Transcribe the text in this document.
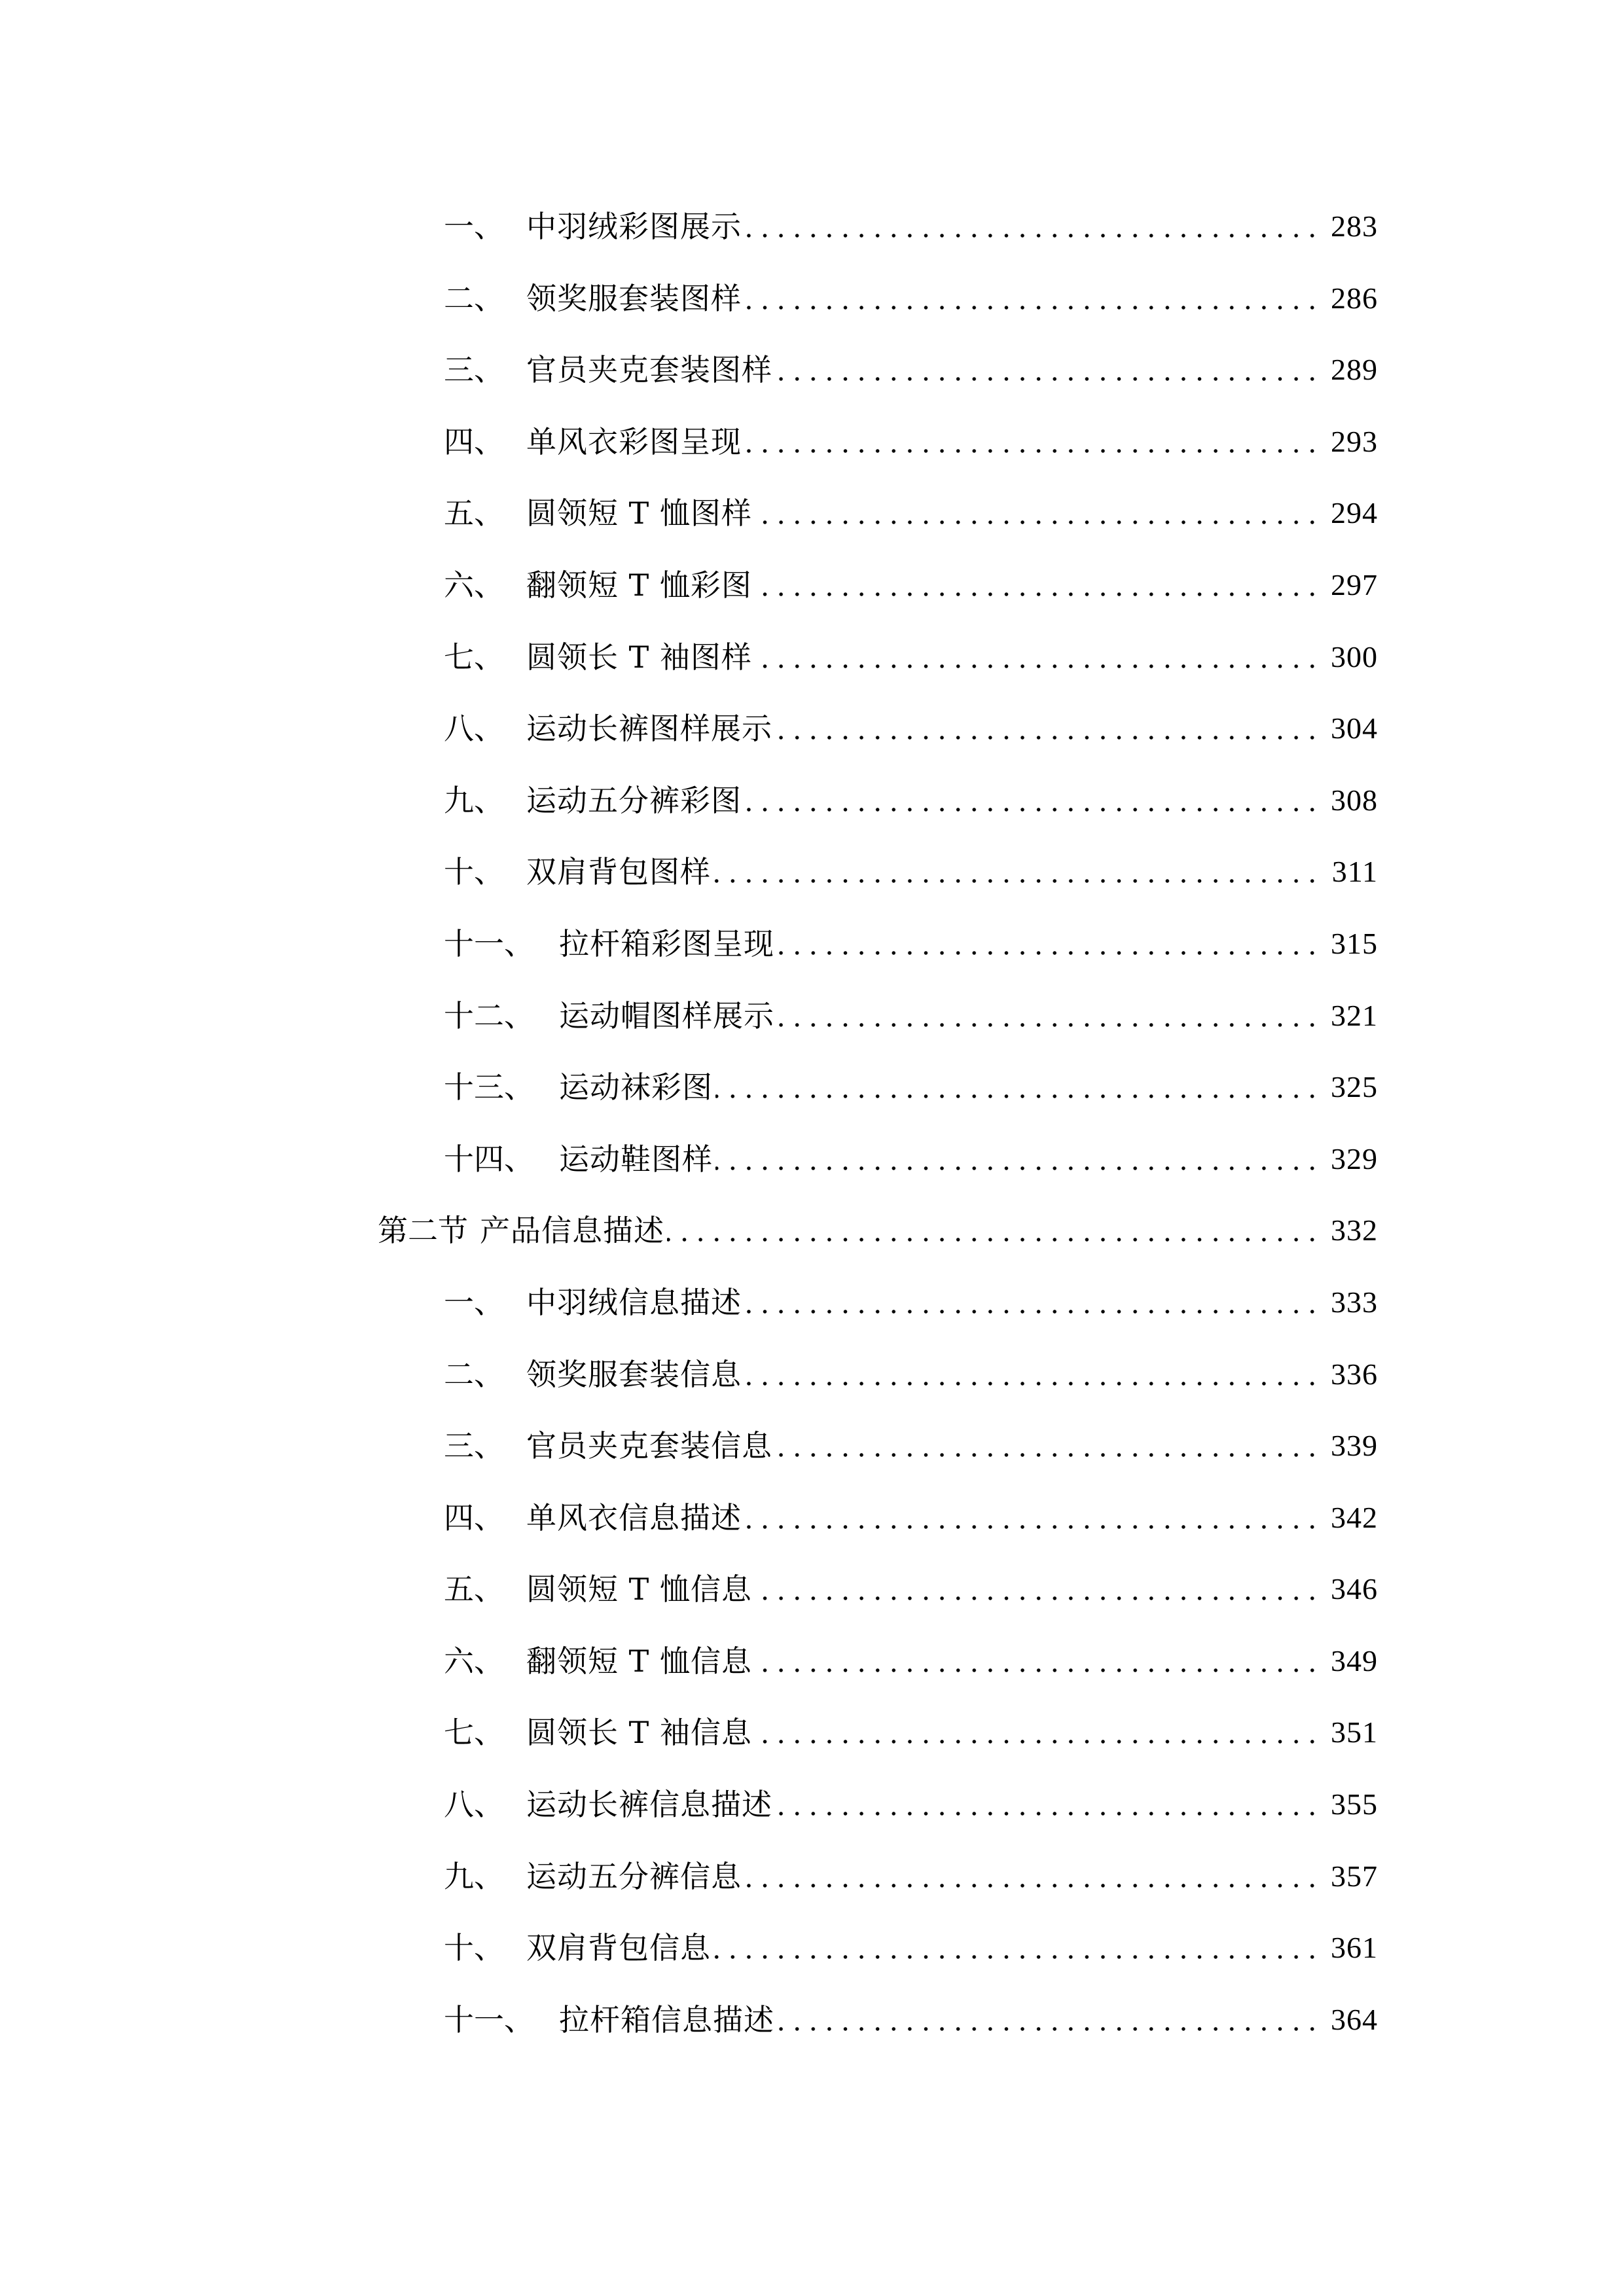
一、 中羽绒彩图展示	283
二、 领奖服套装图样	286
三、 官员夹克套装图样	289
四、 单风衣彩图呈现	293
五、 圆领短 T 恤图样	294
六、 翻领短 T 恤彩图	297
七、 圆领长 T 袖图样	300
八、 运动长裤图样展示	304
九、 运动五分裤彩图	308
十、 双肩背包图样	311
十一、 拉杆箱彩图呈现	315
十二、 运动帽图样展示	321
十三、 运动袜彩图	325
十四、 运动鞋图样	329
第二节 产品信息描述	332
一、 中羽绒信息描述	333
二、 领奖服套装信息	336
三、 官员夹克套装信息	339
四、 单风衣信息描述	342
五、 圆领短 T 恤信息	346
六、 翻领短 T 恤信息	349
七、 圆领长 T 袖信息	351
八、 运动长裤信息描述	355
九、 运动五分裤信息	357
十、 双肩背包信息	361
十一、 拉杆箱信息描述	364
